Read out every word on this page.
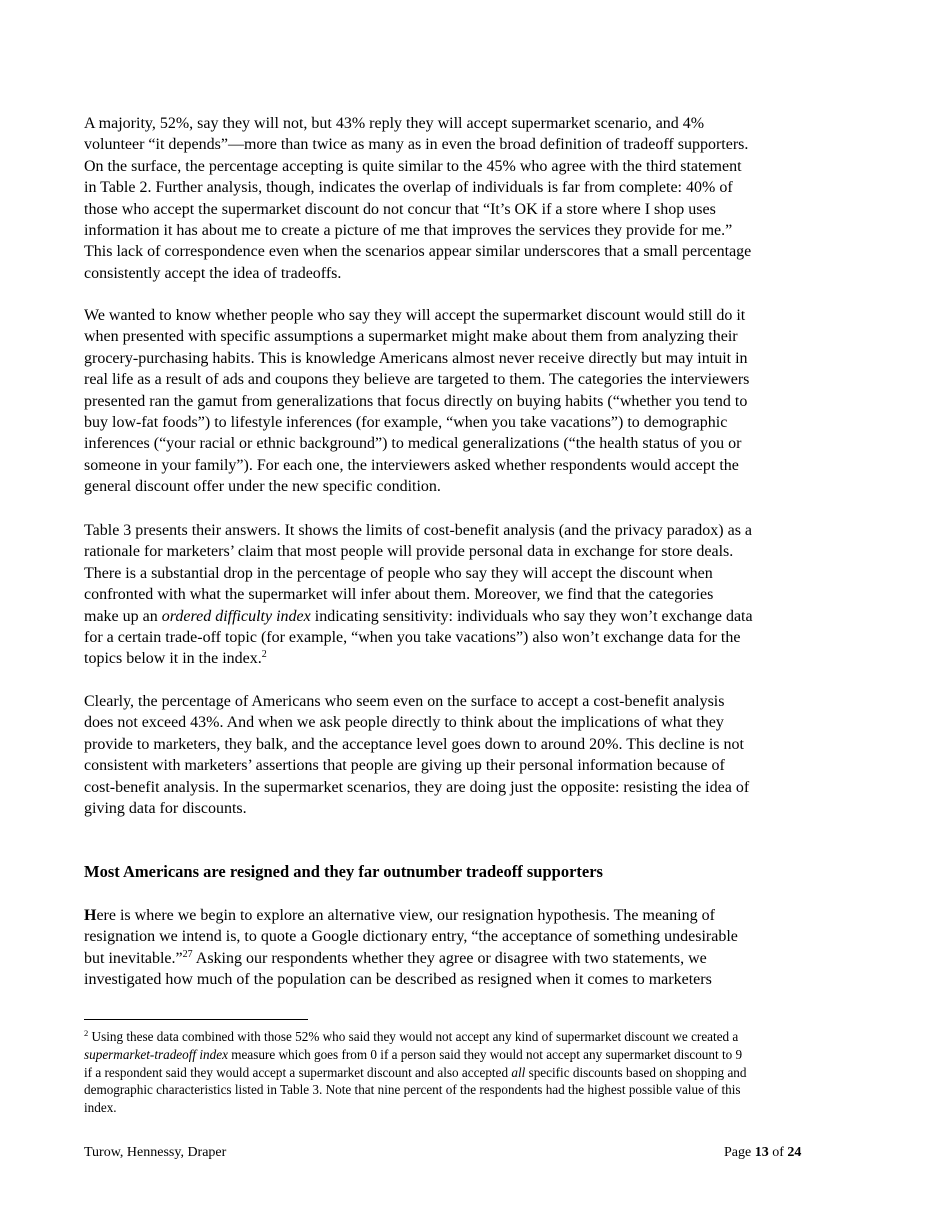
A majority, 52%, say they will not, but 43% reply they will accept supermarket scenario, and 4%
volunteer “it depends”—more than twice as many as in even the broad definition of tradeoff supporters.
On the surface, the percentage accepting is quite similar to the 45% who agree with the third statement
in Table 2. Further analysis, though, indicates the overlap of individuals is far from complete: 40% of
those who accept the supermarket discount do not concur that “It’s OK if a store where I shop uses
information it has about me to create a picture of me that improves the services they provide for me.”
This lack of correspondence even when the scenarios appear similar underscores that a small percentage
consistently accept the idea of tradeoffs.
We wanted to know whether people who say they will accept the supermarket discount would still do it
when presented with specific assumptions a supermarket might make about them from analyzing their
grocery-purchasing habits. This is knowledge Americans almost never receive directly but may intuit in
real life as a result of ads and coupons they believe are targeted to them. The categories the interviewers
presented ran the gamut from generalizations that focus directly on buying habits (“whether you tend to
buy low-fat foods”) to lifestyle inferences (for example, “when you take vacations”) to demographic
inferences (“your racial or ethnic background”) to medical generalizations (“the health status of you or
someone in your family”). For each one, the interviewers asked whether respondents would accept the
general discount offer under the new specific condition.
Table 3 presents their answers. It shows the limits of cost-benefit analysis (and the privacy paradox) as a
rationale for marketers’ claim that most people will provide personal data in exchange for store deals.
There is a substantial drop in the percentage of people who say they will accept the discount when
confronted with what the supermarket will infer about them. Moreover, we find that the categories
make up an ordered difficulty index indicating sensitivity: individuals who say they won’t exchange data
for a certain trade-off topic (for example, “when you take vacations”) also won’t exchange data for the
topics below it in the index.$^2$
Clearly, the percentage of Americans who seem even on the surface to accept a cost-benefit analysis
does not exceed 43%. And when we ask people directly to think about the implications of what they
provide to marketers, they balk, and the acceptance level goes down to around 20%. This decline is not
consistent with marketers’ assertions that people are giving up their personal information because of
cost-benefit analysis. In the supermarket scenarios, they are doing just the opposite: resisting the idea of
giving data for discounts.
Most Americans are resigned and they far outnumber tradeoff supporters
Here is where we begin to explore an alternative view, our resignation hypothesis. The meaning of
resignation we intend is, to quote a Google dictionary entry, “the acceptance of something undesirable
but inevitable.”$^{27}$ Asking our respondents whether they agree or disagree with two statements, we
investigated how much of the population can be described as resigned when it comes to marketers
$^2$ Using these data combined with those 52% who said they would not accept any kind of supermarket discount we created a
supermarket-tradeoff index measure which goes from 0 if a person said they would not accept any supermarket discount to 9
if a respondent said they would accept a supermarket discount and also accepted all specific discounts based on shopping and
demographic characteristics listed in Table 3. Note that nine percent of the respondents had the highest possible value of this
index.
Turow, Hennessy, Draper	Page 13 of 24
